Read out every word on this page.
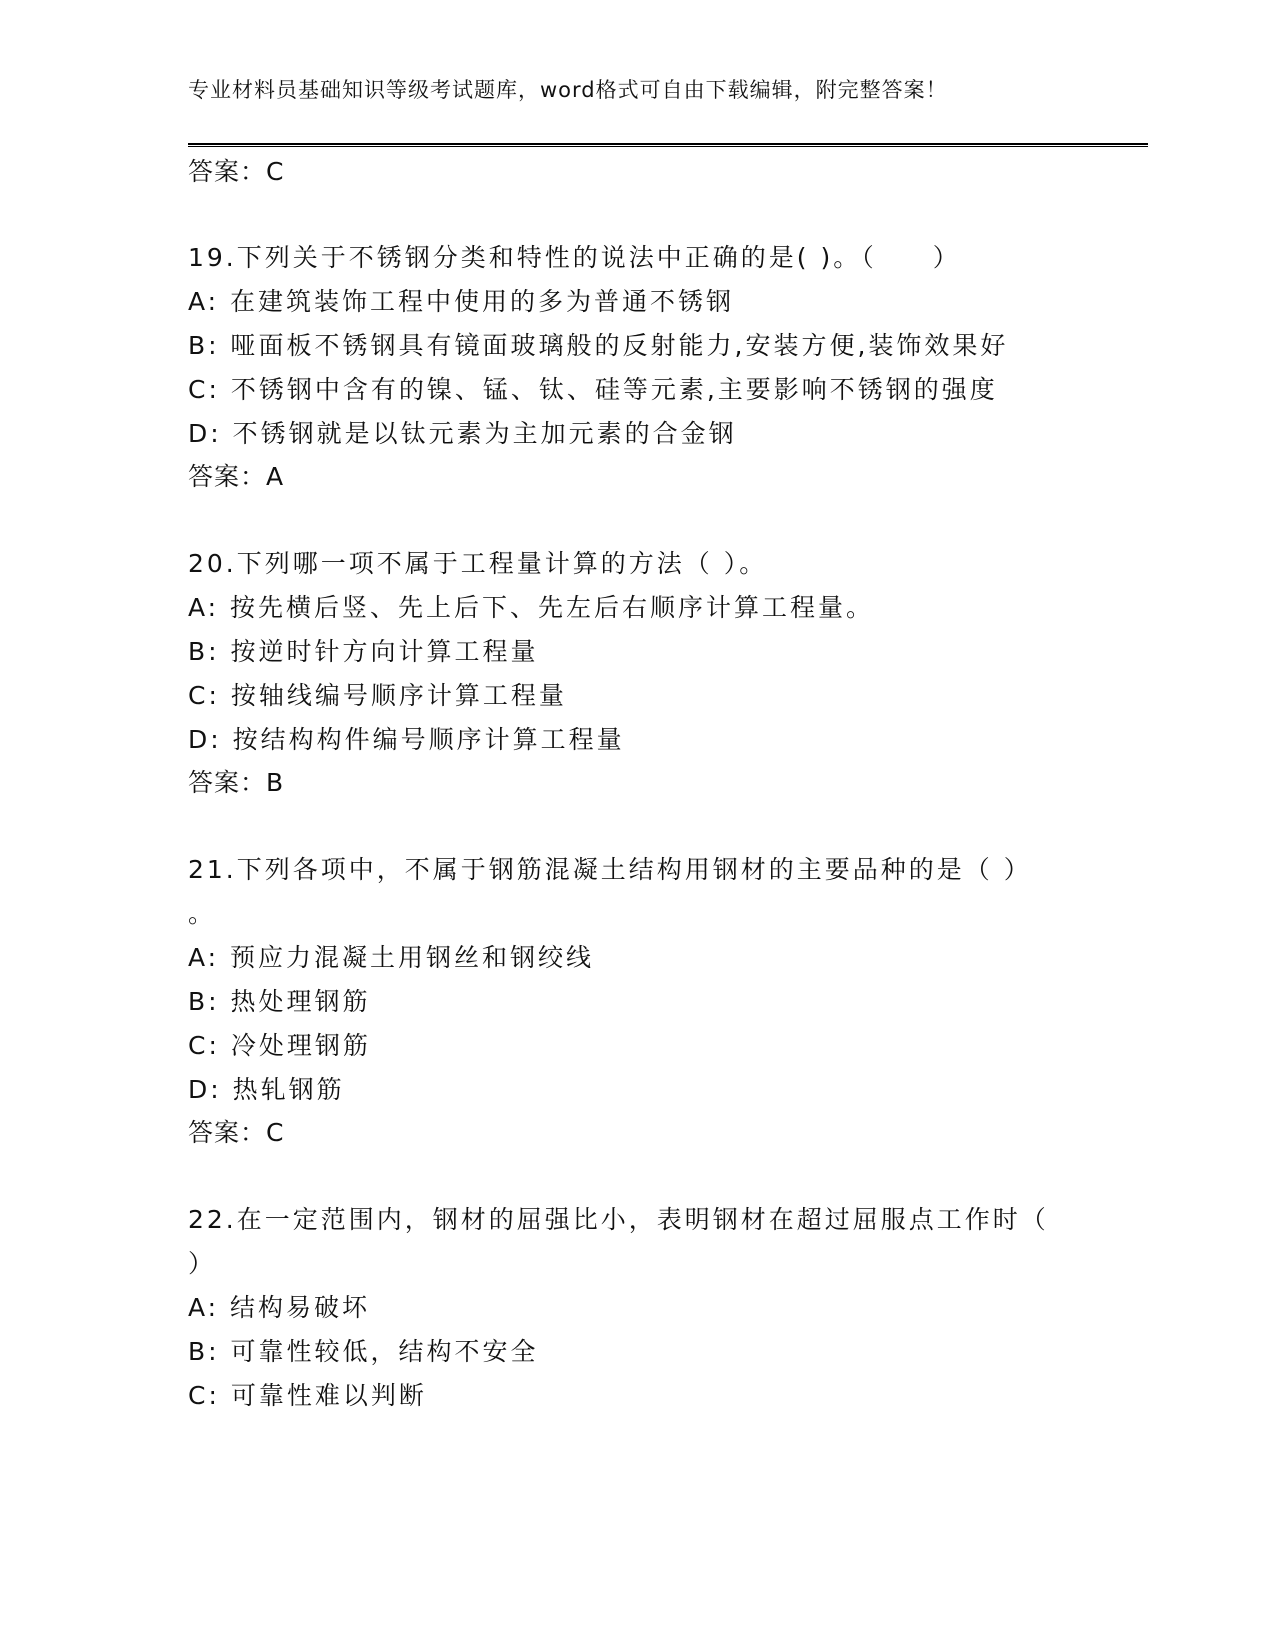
专业材料员基础知识等级考试题库，word格式可自由下载编辑，附完整答案！
答案：C
19.下列关于不锈钢分类和特性的说法中正确的是( )。（　　）
A: 在建筑装饰工程中使用的多为普通不锈钢
B: 哑面板不锈钢具有镜面玻璃般的反射能力,安装方便,装饰效果好
C: 不锈钢中含有的镍、锰、钛、硅等元素,主要影响不锈钢的强度
D: 不锈钢就是以钛元素为主加元素的合金钢
答案：A
20.下列哪一项不属于工程量计算的方法（ ）。
A: 按先横后竖、先上后下、先左后右顺序计算工程量。
B: 按逆时针方向计算工程量
C: 按轴线编号顺序计算工程量
D: 按结构构件编号顺序计算工程量
答案：B
21.下列各项中，不属于钢筋混凝土结构用钢材的主要品种的是（ ）
。
A: 预应力混凝土用钢丝和钢绞线
B: 热处理钢筋
C: 冷处理钢筋
D: 热轧钢筋
答案：C
22.在一定范围内，钢材的屈强比小，表明钢材在超过屈服点工作时（
）
A: 结构易破坏
B: 可靠性较低，结构不安全
C: 可靠性难以判断
